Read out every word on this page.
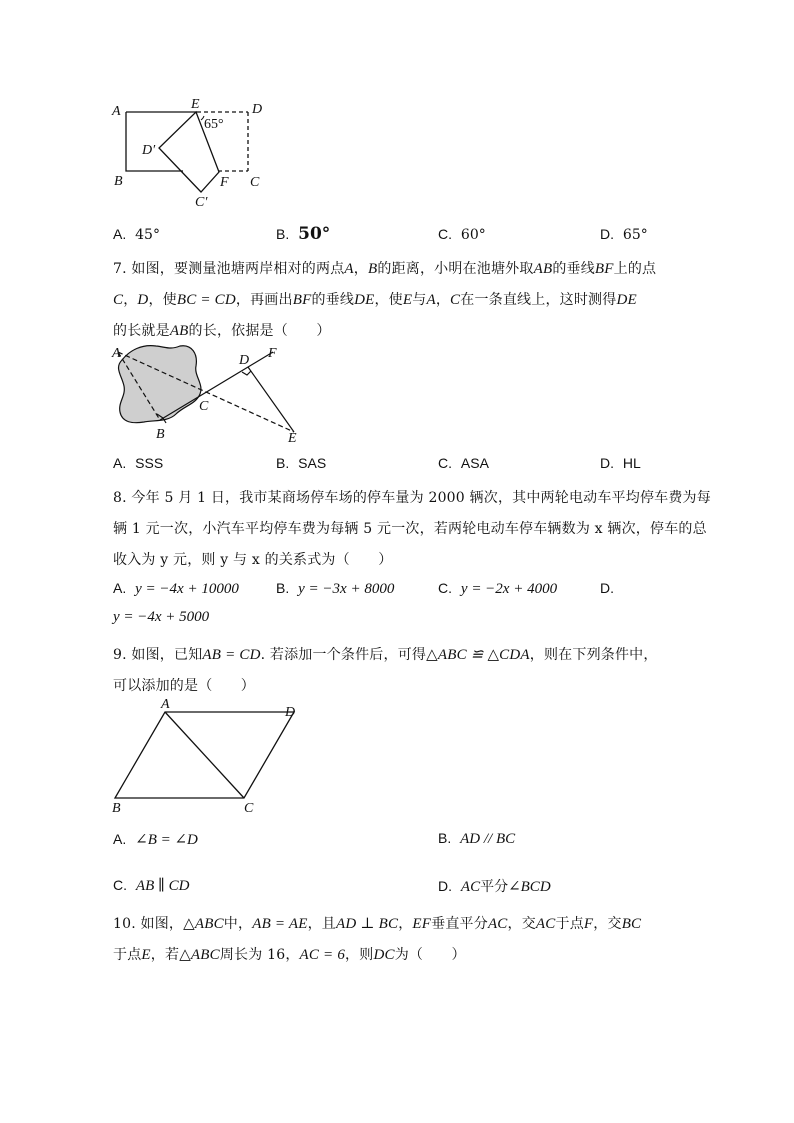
A	E	D
65°
D′
B	F C
C′
A. 45°	B. 50°	C. 60°	D. 65°
7. 如图，要测量池塘两岸相对的两点A，B的距离，小明在池塘外取AB的垂线BF上的点
C，D，使BC = CD，再画出BF的垂线DE，使E与A，C在一条直线上，这时测得DE
的长就是AB的长，依据是（　　）
A	D F
C
B	E
A. SSS	B. SAS	C. ASA	D. HL
8. 今年 5 月 1 日，我市某商场停车场的停车量为 2000 辆次，其中两轮电动车平均停车费为每
辆 1 元一次，小汽车平均停车费为每辆 5 元一次，若两轮电动车停车辆数为 x 辆次，停车的总
收入为 y 元，则 y 与 x 的关系式为（　　）
A. y = −4x + 10000	B. y = −3x + 8000	C. y = −2x + 4000	D.
y = −4x + 5000
9. 如图，已知AB = CD. 若添加一个条件后，可得△ABC ≌ △CDA，则在下列条件中，
可以添加的是（　　）
A
D
B	C
A. ∠B = ∠D	B. AD // BC
C. AB ∥ CD	D. AC平分∠BCD
10. 如图，△ABC中，AB = AE，且AD ⊥ BC，EF垂直平分AC，交AC于点F，交BC
于点E，若△ABC周长为 16，AC = 6，则DC为（　　）
